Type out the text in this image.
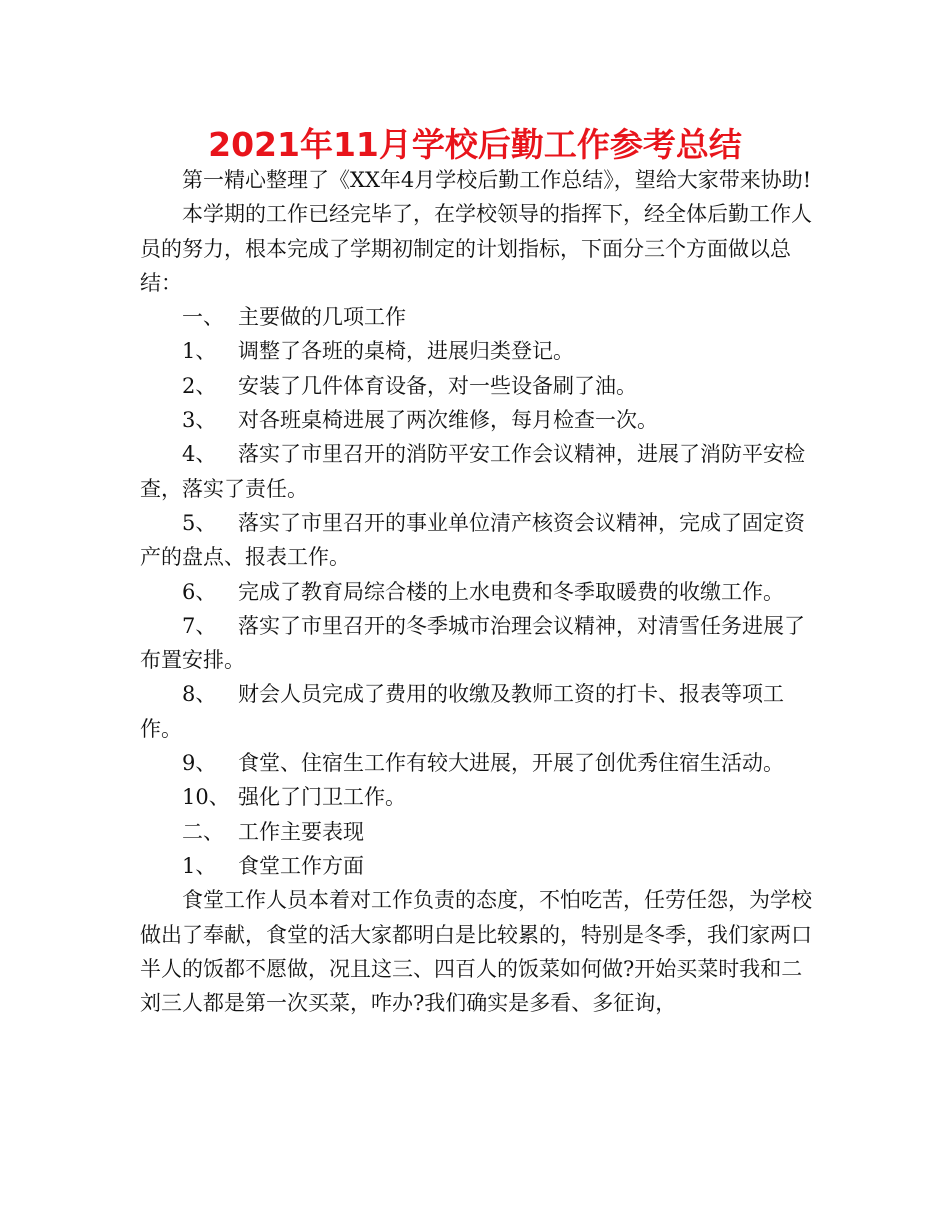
2021年11月学校后勤工作参考总结

第一精心整理了《XX年4月学校后勤工作总结》，望给大家带来协助!

本学期的工作已经完毕了，在学校领导的指挥下，经全体后勤工作人员的努力，根本完成了学期初制定的计划指标，下面分三个方面做以总结：

一、 主要做的几项工作

1、 调整了各班的桌椅，进展归类登记。

2、 安装了几件体育设备，对一些设备刷了油。

3、 对各班桌椅进展了两次维修，每月检查一次。

4、 落实了市里召开的消防平安工作会议精神，进展了消防平安检查，落实了责任。

5、 落实了市里召开的事业单位清产核资会议精神，完成了固定资产的盘点、报表工作。

6、 完成了教育局综合楼的上水电费和冬季取暖费的收缴工作。

7、 落实了市里召开的冬季城市治理会议精神，对清雪任务进展了布置安排。

8、 财会人员完成了费用的收缴及教师工资的打卡、报表等项工作。

9、 食堂、住宿生工作有较大进展，开展了创优秀住宿生活动。

10、 强化了门卫工作。

二、 工作主要表现

1、 食堂工作方面

食堂工作人员本着对工作负责的态度，不怕吃苦，任劳任怨，为学校做出了奉献，食堂的活大家都明白是比较累的，特别是冬季，我们家两口半人的饭都不愿做，况且这三、四百人的饭菜如何做?开始买菜时我和二刘三人都是第一次买菜，咋办?我们确实是多看、多征询，
